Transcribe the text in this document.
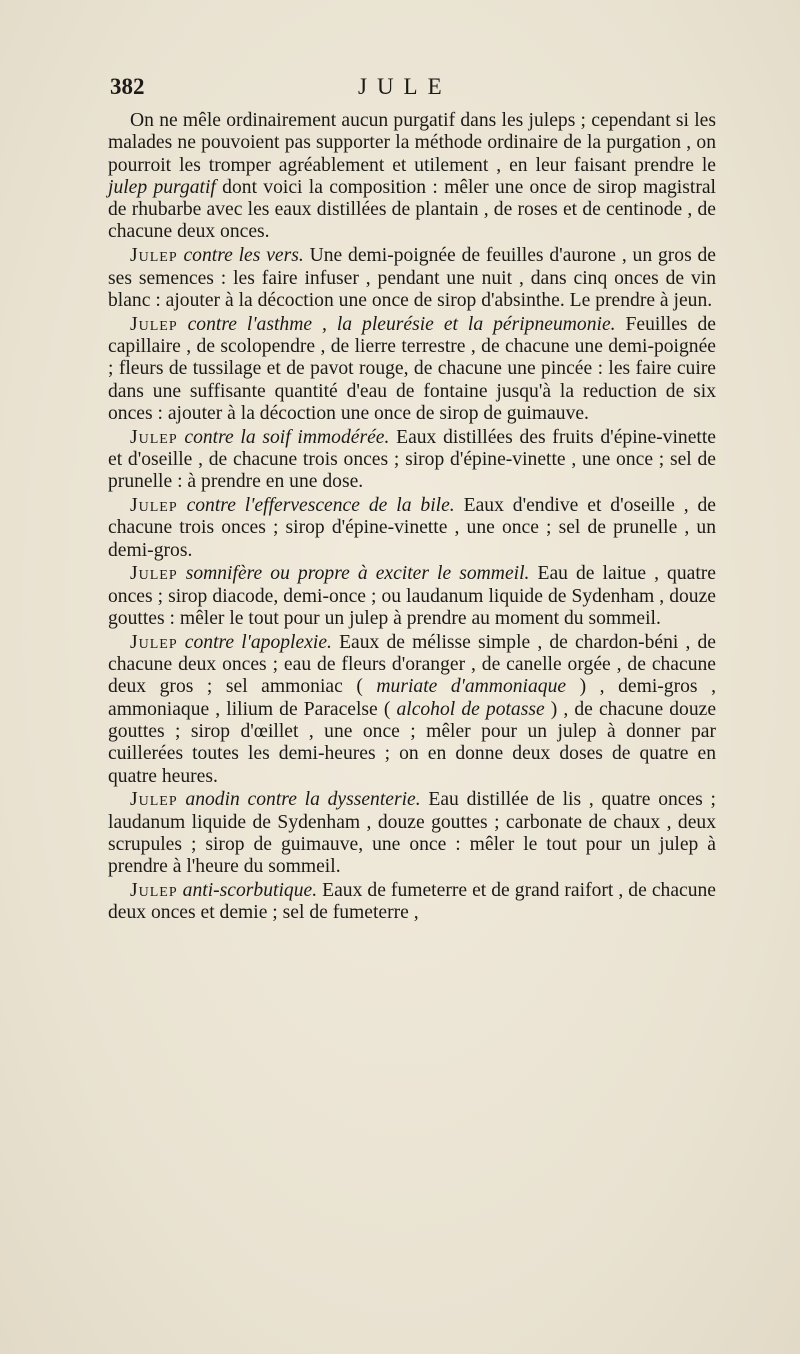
382	JULE

On ne mêle ordinairement aucun purgatif dans les juleps ; cependant si les malades ne pouvoient pas supporter la méthode ordinaire de la purgation , on pourroit les tromper agréablement et utilement , en leur faisant prendre le julep purgatif dont voici la composition : mêler une once de sirop magistral de rhubarbe avec les eaux distillées de plantain , de roses et de centinode , de chacune deux onces.

Julep contre les vers. Une demi-poignée de feuilles d'aurone , un gros de ses semences : les faire infuser , pendant une nuit , dans cinq onces de vin blanc : ajouter à la décoction une once de sirop d'absinthe. Le prendre à jeun.

Julep contre l'asthme , la pleurésie et la péripneumonie. Feuilles de capillaire , de scolopendre , de lierre terrestre , de chacune une demi-poignée ; fleurs de tussilage et de pavot rouge, de chacune une pincée : les faire cuire dans une suffisante quantité d'eau de fontaine jusqu'à la reduction de six onces : ajouter à la décoction une once de sirop de guimauve.

Julep contre la soif immodérée. Eaux distillées des fruits d'épine-vinette et d'oseille , de chacune trois onces ; sirop d'épine-vinette , une once ; sel de prunelle : à prendre en une dose.

Julep contre l'effervescence de la bile. Eaux d'endive et d'oseille , de chacune trois onces ; sirop d'épine-vinette , une once ; sel de prunelle , un demi-gros.

Julep somnifère ou propre à exciter le sommeil. Eau de laitue , quatre onces ; sirop diacode, demi-once ; ou laudanum liquide de Sydenham , douze gouttes : mêler le tout pour un julep à prendre au moment du sommeil.

Julep contre l'apoplexie. Eaux de mélisse simple , de chardon-béni , de chacune deux onces ; eau de fleurs d'oranger , de canelle orgée , de chacune deux gros ; sel ammoniac ( muriate d'ammoniaque ) , demi-gros , ammoniaque , lilium de Paracelse ( alcohol de potasse ) , de chacune douze gouttes ; sirop d'œillet , une once ; mêler pour un julep à donner par cuillerées toutes les demi-heures ; on en donne deux doses de quatre en quatre heures.

Julep anodin contre la dyssenterie. Eau distillée de lis , quatre onces ; laudanum liquide de Sydenham , douze gouttes ; carbonate de chaux , deux scrupules ; sirop de guimauve, une once : mêler le tout pour un julep à prendre à l'heure du sommeil.

Julep anti-scorbutique. Eaux de fumeterre et de grand raifort , de chacune deux onces et demie ; sel de fumeterre ,
